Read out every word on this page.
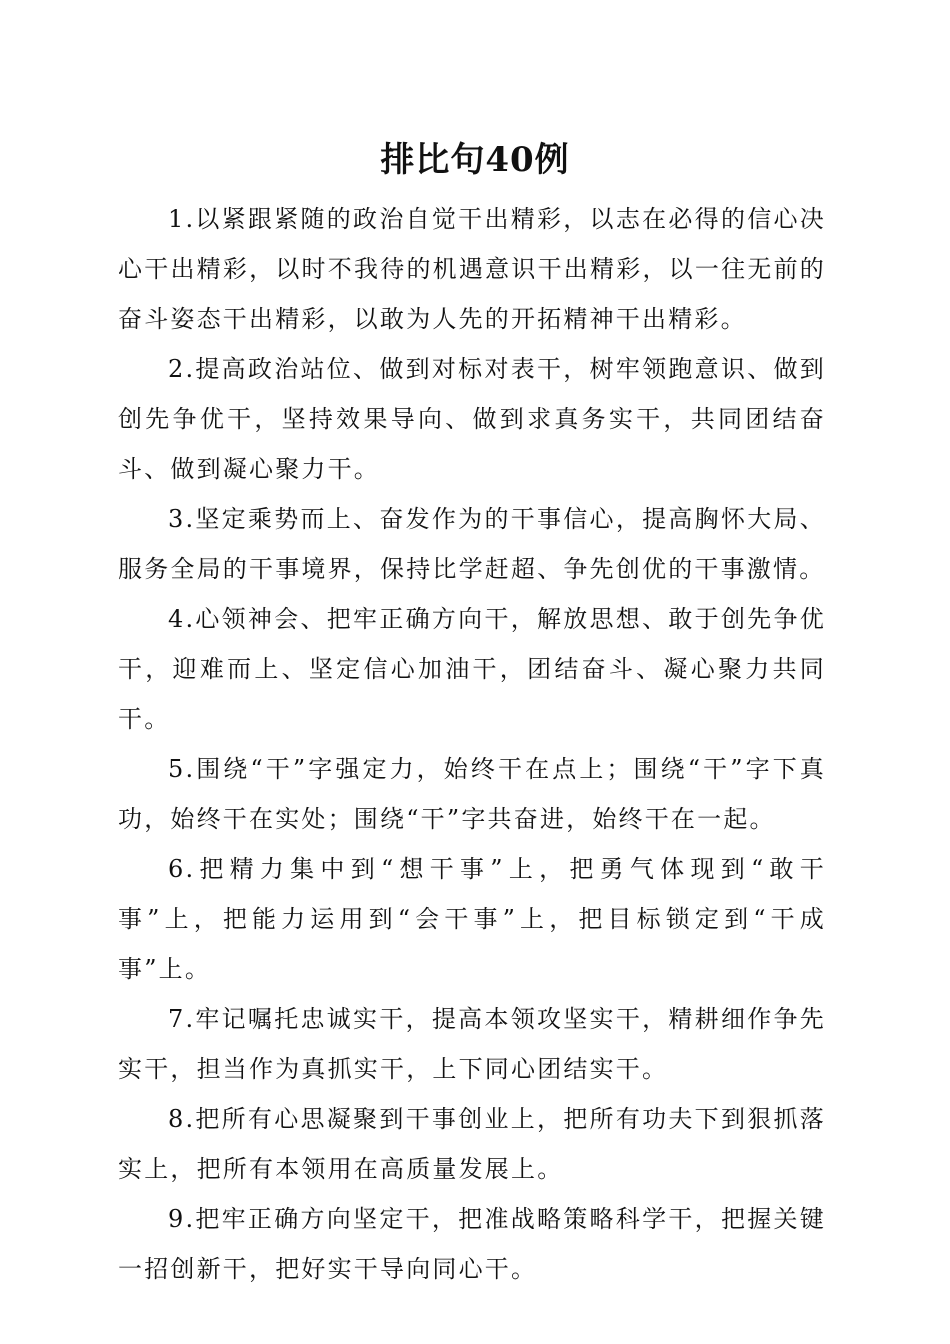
排比句40例

1.以紧跟紧随的政治自觉干出精彩，以志在必得的信心决心干出精彩，以时不我待的机遇意识干出精彩，以一往无前的奋斗姿态干出精彩，以敢为人先的开拓精神干出精彩。

2.提高政治站位、做到对标对表干，树牢领跑意识、做到创先争优干，坚持效果导向、做到求真务实干，共同团结奋斗、做到凝心聚力干。

3.坚定乘势而上、奋发作为的干事信心，提高胸怀大局、服务全局的干事境界，保持比学赶超、争先创优的干事激情。

4.心领神会、把牢正确方向干，解放思想、敢于创先争优干，迎难而上、坚定信心加油干，团结奋斗、凝心聚力共同干。

5.围绕“干”字强定力，始终干在点上；围绕“干”字下真功，始终干在实处；围绕“干”字共奋进，始终干在一起。

6.把精力集中到“想干事”上，把勇气体现到“敢干事”上，把能力运用到“会干事”上，把目标锁定到“干成事”上。

7.牢记嘱托忠诚实干，提高本领攻坚实干，精耕细作争先实干，担当作为真抓实干，上下同心团结实干。

8.把所有心思凝聚到干事创业上，把所有功夫下到狠抓落实上，把所有本领用在高质量发展上。

9.把牢正确方向坚定干，把准战略策略科学干，把握关键一招创新干，把好实干导向同心干。
